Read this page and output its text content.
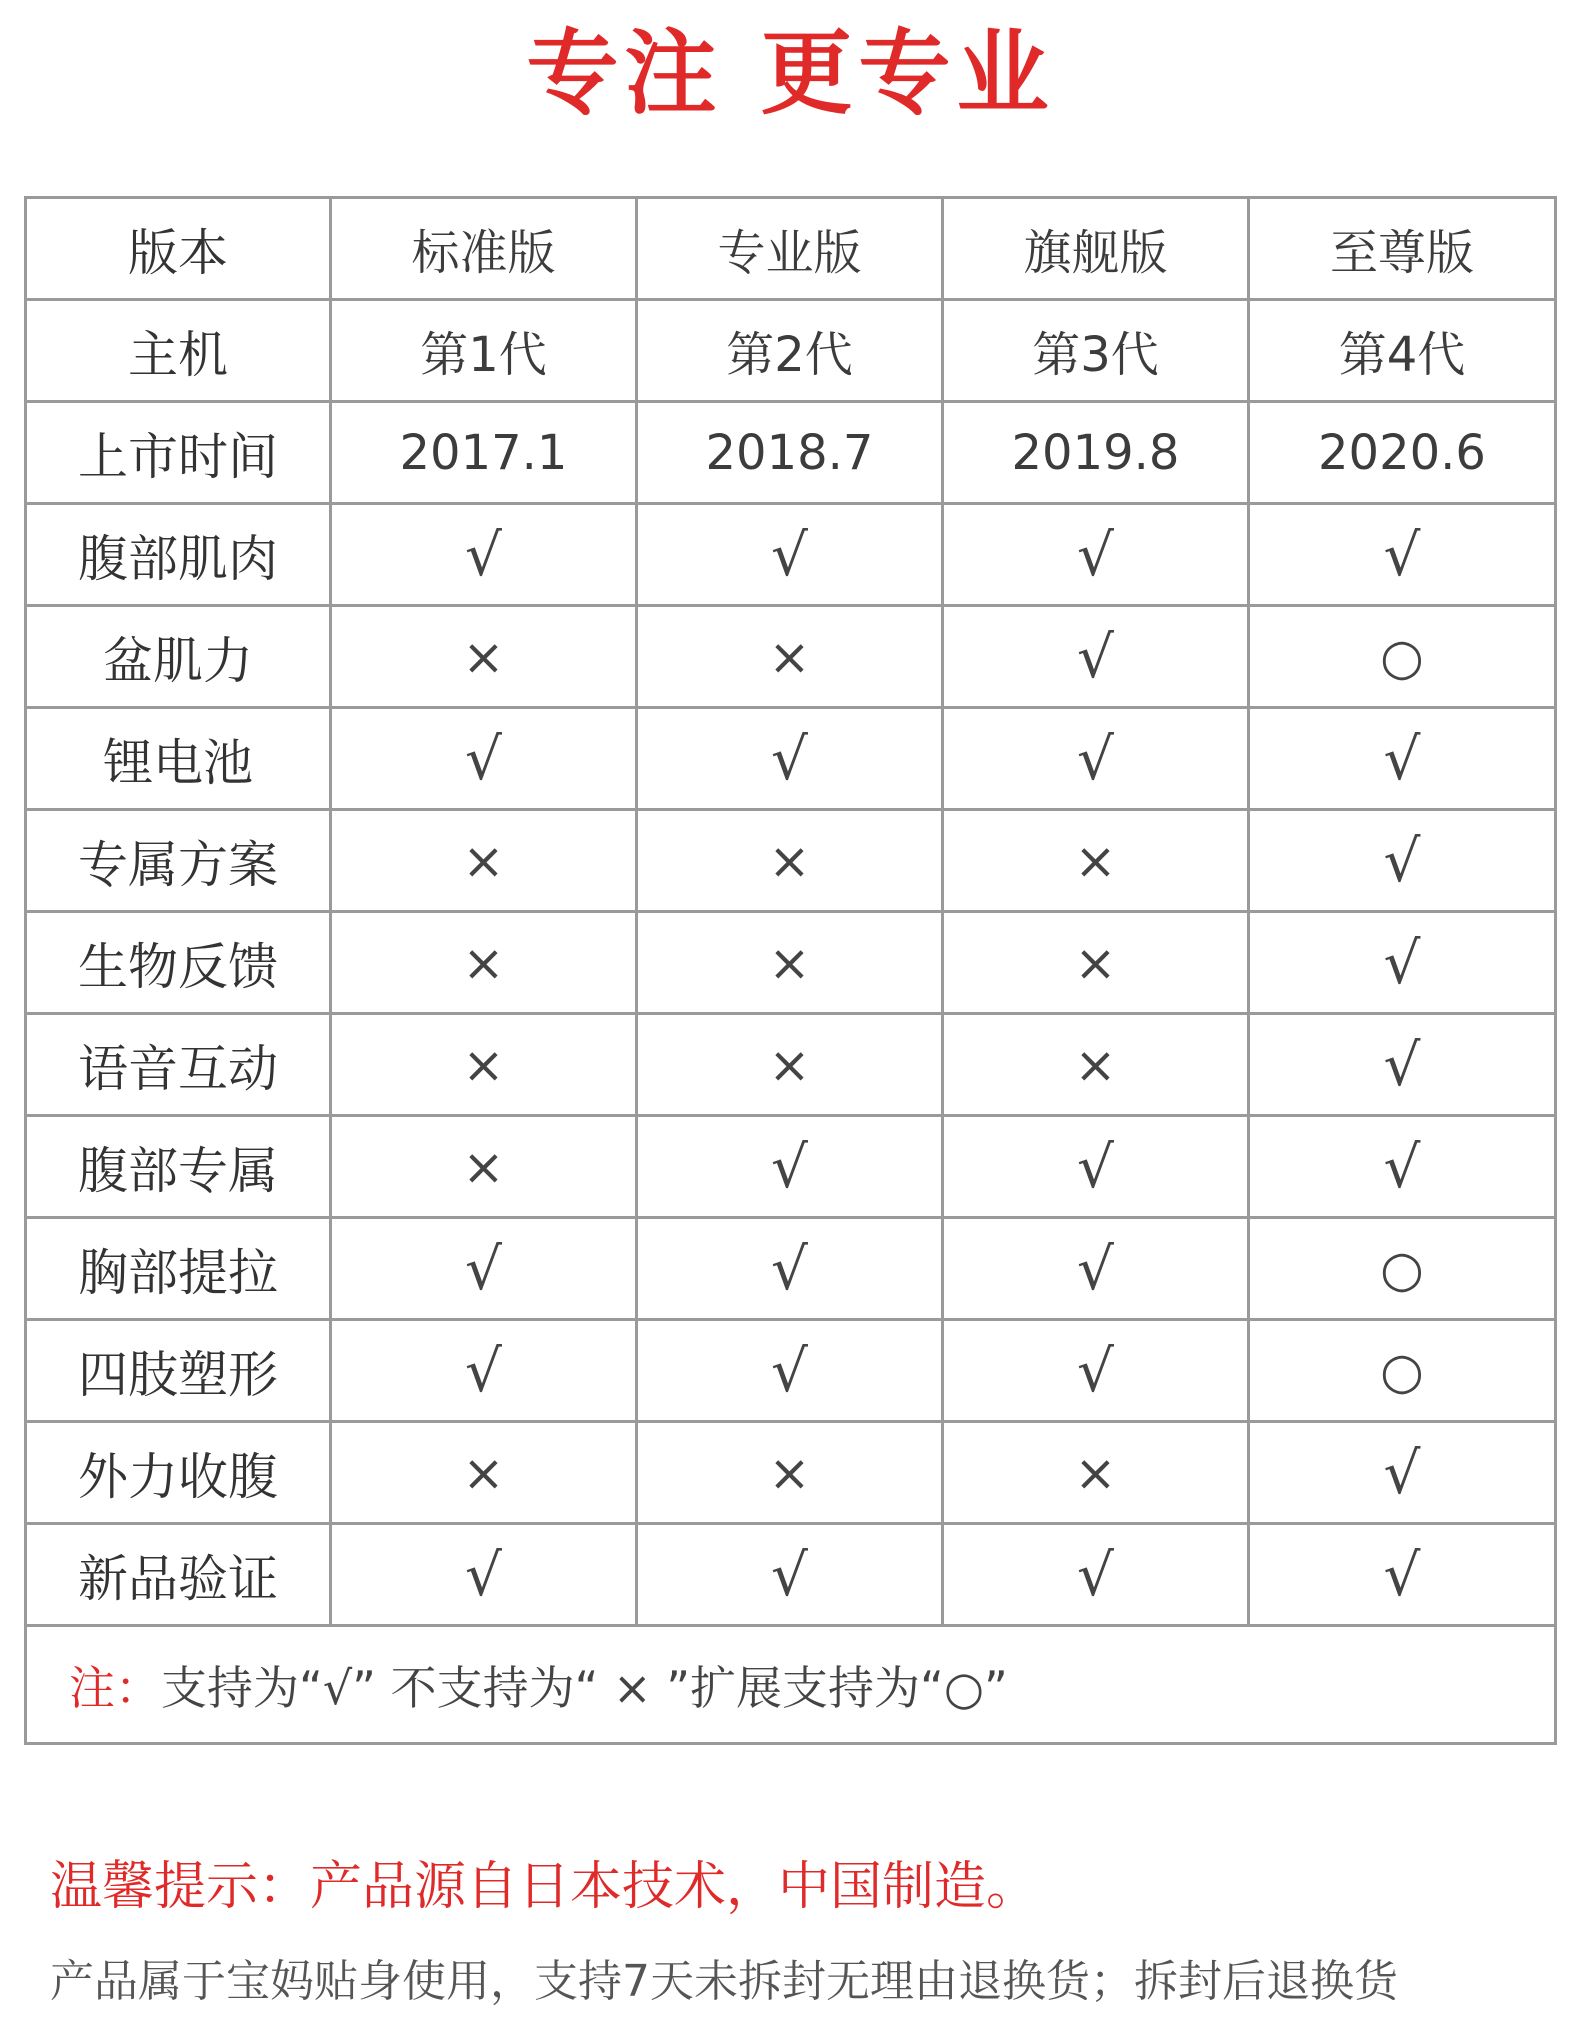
专注 更专业
版本	标准版	专业版	旗舰版	至尊版
主机	第1代	第2代	第3代	第4代
上市时间	2017.1	2018.7	2019.8	2020.6
腹部肌肉	√	√	√	√
盆肌力	×	×	√	○
锂电池	√	√	√	√
专属方案	×	×	×	√
生物反馈	×	×	×	√
语音互动	×	×	×	√
腹部专属	×	√	√	√
胸部提拉	√	√	√	○
四肢塑形	√	√	√	○
外力收腹	×	×	×	√
新品验证	√	√	√	√
注：支持为“√” 不支持为“ × ”扩展支持为“○”				
温馨提示：产品源自日本技术，中国制造。
产品属于宝妈贴身使用，支持7天未拆封无理由退换货；拆封后退换货
